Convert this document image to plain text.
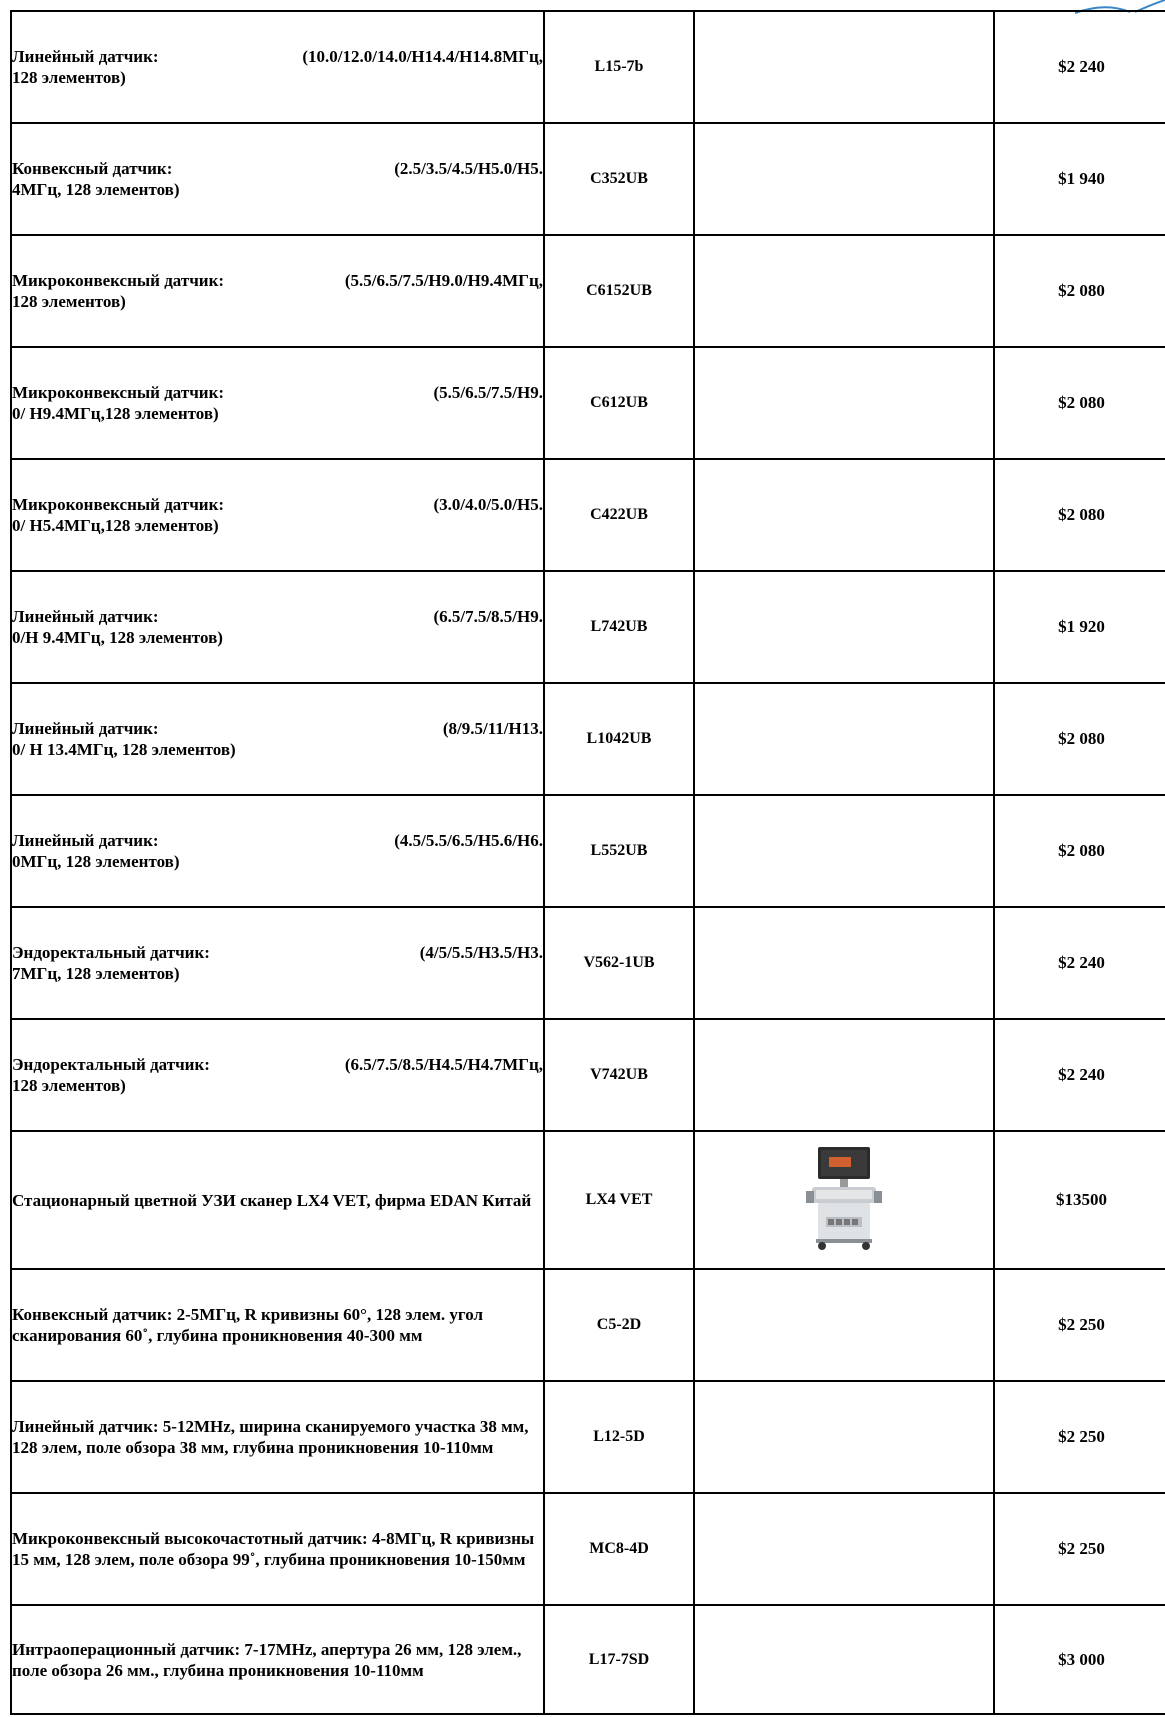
Линейный датчик: (10.0/12.0/14.0/H14.4/H14.8МГц,
128 элементов)	L15-7b		$2 240

Конвексный датчик: (2.5/3.5/4.5/H5.0/H5.
4МГц, 128 элементов)	C352UB		$1 940

Микроконвексный датчик: (5.5/6.5/7.5/H9.0/H9.4МГц,
128 элементов)	C6152UB		$2 080

Микроконвексный датчик: (5.5/6.5/7.5/H9.
0/ H9.4МГц,128 элементов)	C612UB		$2 080

Микроконвексный датчик: (3.0/4.0/5.0/H5.
0/ H5.4МГц,128 элементов)	C422UB		$2 080

Линейный датчик: (6.5/7.5/8.5/H9.
0/H 9.4МГц, 128 элементов)	L742UB		$1 920

Линейный датчик: (8/9.5/11/H13.
0/ H 13.4МГц, 128 элементов)	L1042UB		$2 080

Линейный датчик: (4.5/5.5/6.5/H5.6/H6.
0МГц, 128 элементов)	L552UB		$2 080

Эндоректальный датчик: (4/5/5.5/H3.5/H3.
7МГц, 128 элементов)	V562-1UB		$2 240

Эндоректальный датчик: (6.5/7.5/8.5/H4.5/H4.7МГц,
128 элементов)	V742UB		$2 240
Стационарный цветной УЗИ сканер LX4 VET, фирма EDAN Китай	LX4 VET		$13500
Конвексный датчик: 2-5МГц, R кривизны 60°, 128 элем. угол сканирования 60˚, глубина проникновения 40-300 мм	C5-2D		$2 250
Линейный датчик: 5-12MHz, ширина сканируемого участка 38 мм, 128 элем, поле обзора 38 мм, глубина проникновения 10-110мм	L12-5D		$2 250
Микроконвексный высокочастотный датчик: 4-8МГц, R кривизны 15 мм, 128 элем, поле обзора 99˚, глубина проникновения 10-150мм	MC8-4D		$2 250
Интраоперационный датчик: 7-17MHz, апертура 26 мм, 128 элем., поле обзора 26 мм., глубина проникновения 10-110мм	L17-7SD		$3 000
